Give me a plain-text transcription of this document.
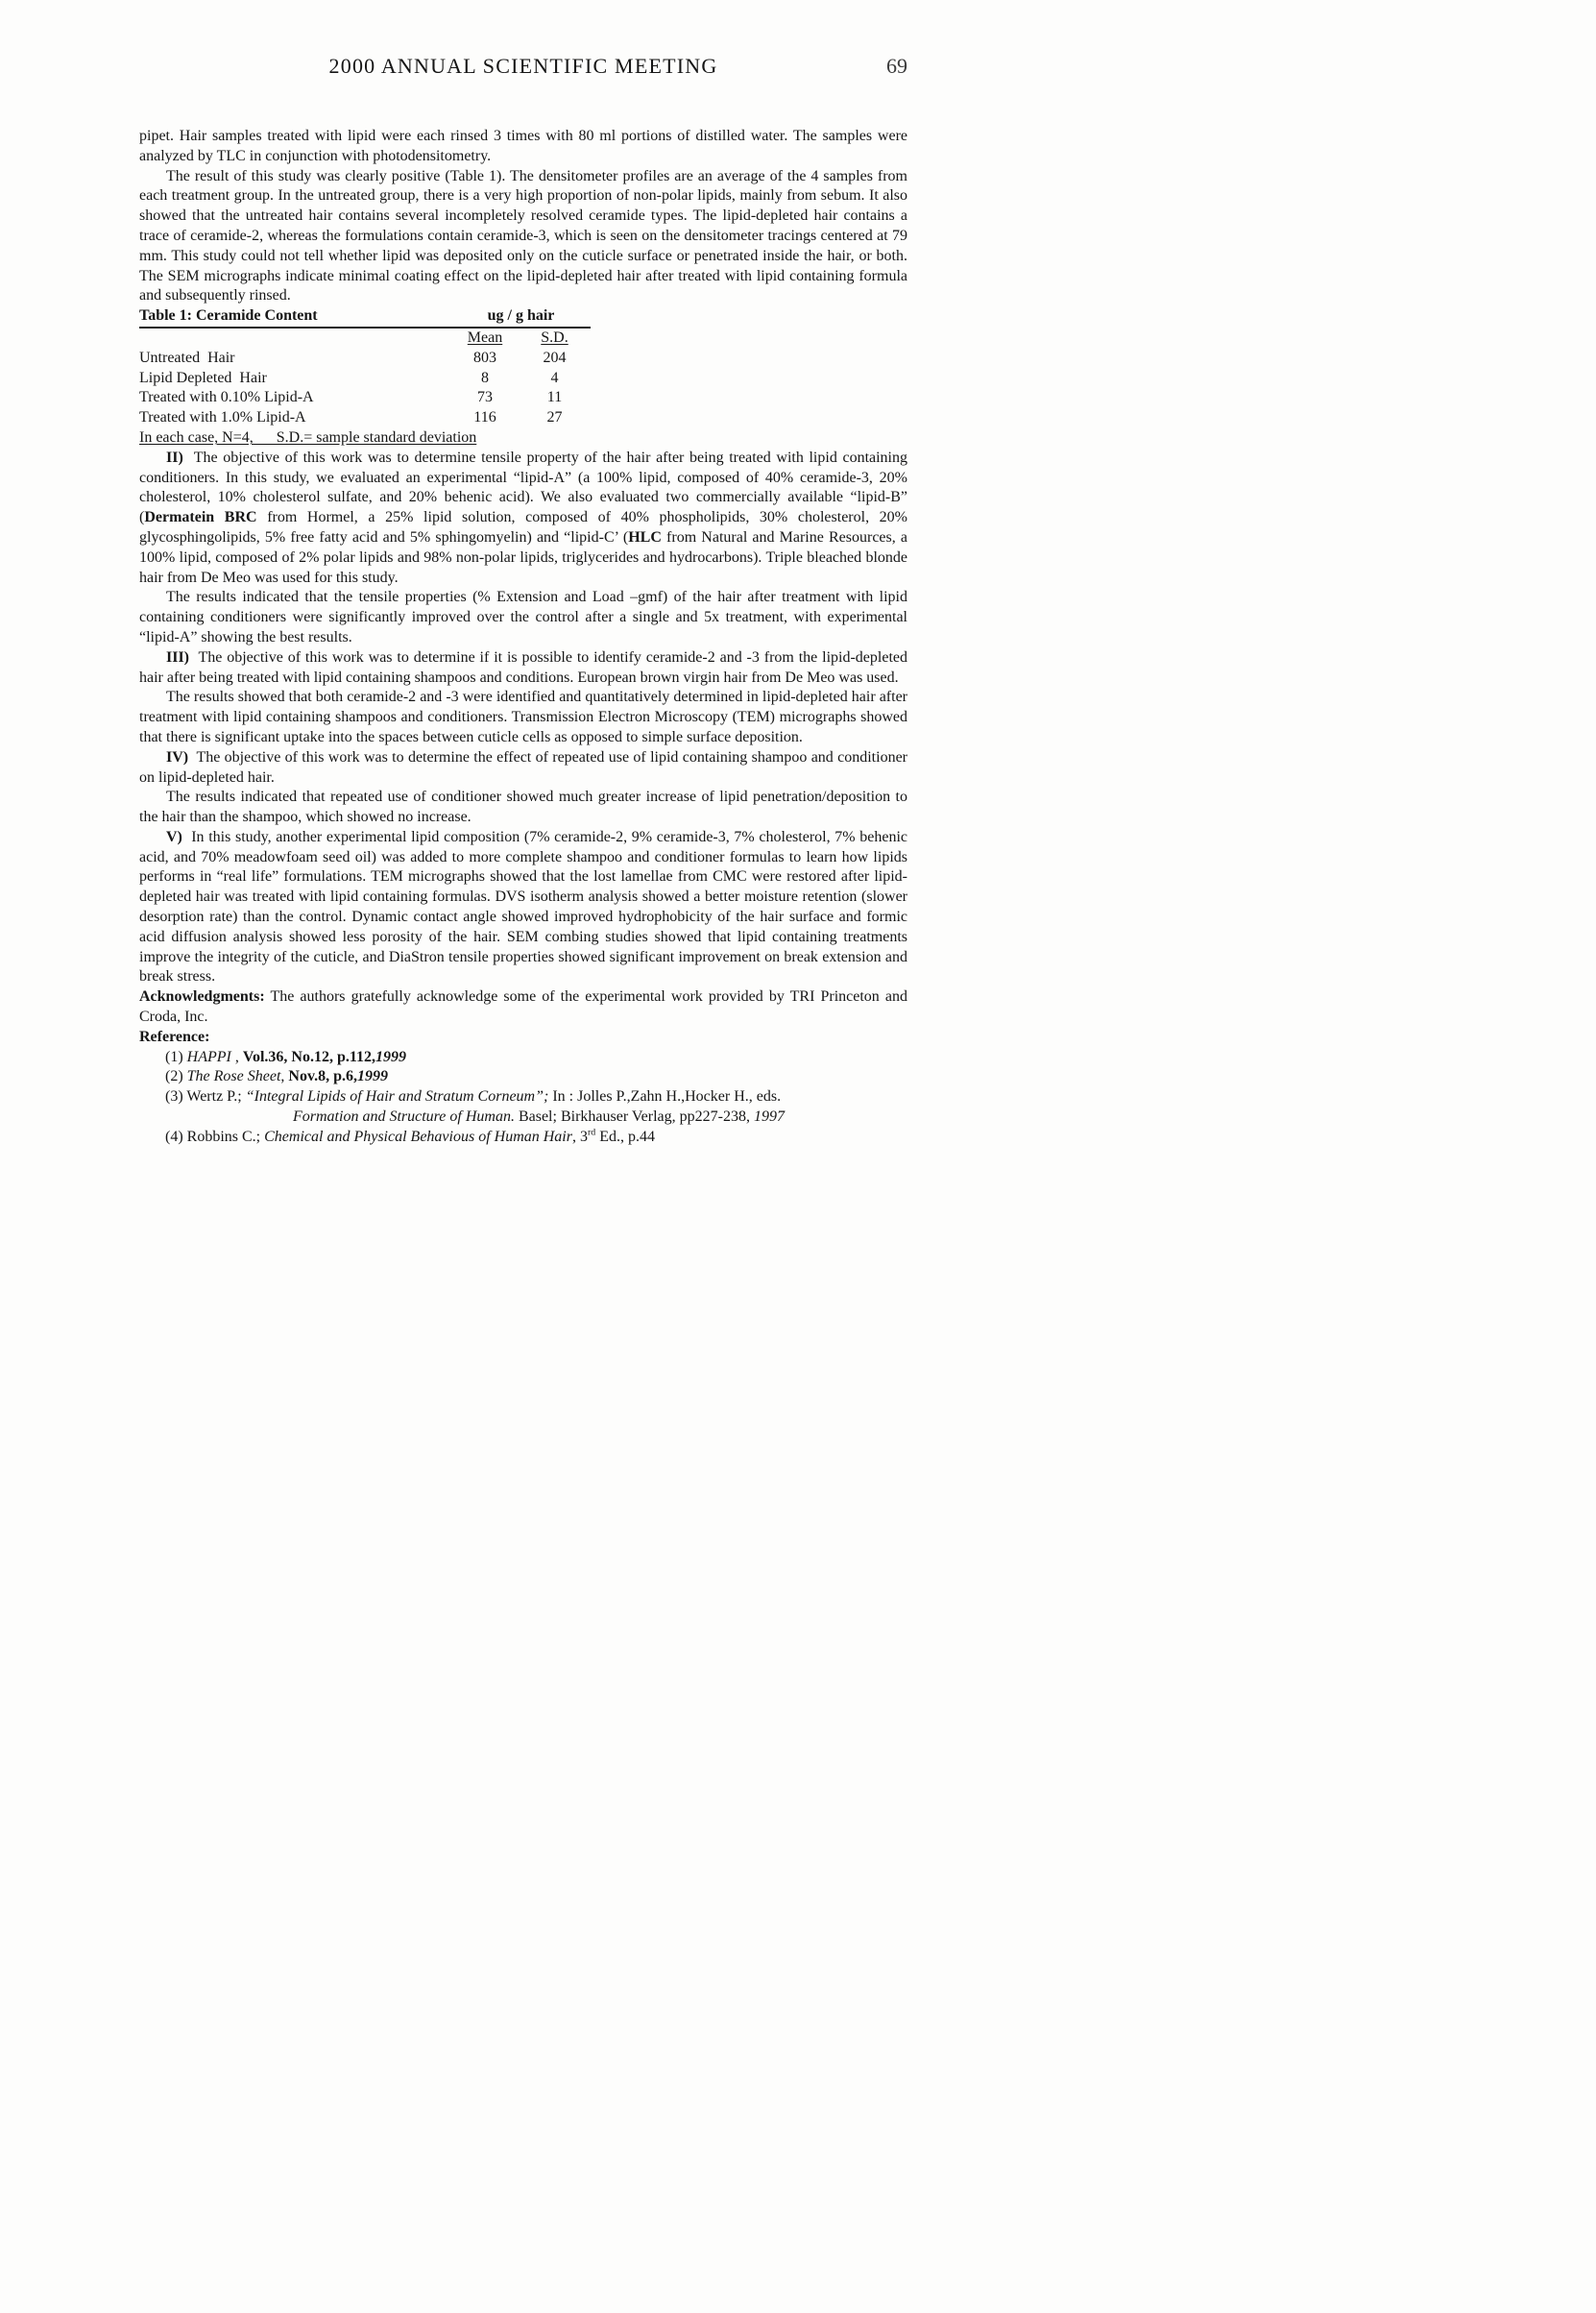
2000 ANNUAL SCIENTIFIC MEETING	69
pipet. Hair samples treated with lipid were each rinsed 3 times with 80 ml portions of distilled water. The samples were analyzed by TLC in conjunction with photodensitometry.
The result of this study was clearly positive (Table 1). The densitometer profiles are an average of the 4 samples from each treatment group. In the untreated group, there is a very high proportion of non-polar lipids, mainly from sebum. It also showed that the untreated hair contains several incompletely resolved ceramide types. The lipid-depleted hair contains a trace of ceramide-2, whereas the formulations contain ceramide-3, which is seen on the densitometer tracings centered at 79 mm. This study could not tell whether lipid was deposited only on the cuticle surface or penetrated inside the hair, or both. The SEM micrographs indicate minimal coating effect on the lipid-depleted hair after treated with lipid containing formula and subsequently rinsed.
Table 1: Ceramide Content	ug / g hair
Mean	S.D.
Untreated  Hair	803	204
Lipid Depleted  Hair	8	4
Treated with 0.10% Lipid-A	73	11
Treated with 1.0% Lipid-A	116	27
In each case, N=4,      S.D.= sample standard deviation
II)  The objective of this work was to determine tensile property of the hair after being treated with lipid containing conditioners. In this study, we evaluated an experimental “lipid-A” (a 100% lipid, composed of 40% ceramide-3, 20% cholesterol, 10% cholesterol sulfate, and 20% behenic acid). We also evaluated two commercially available “lipid-B” (Dermatein BRC from Hormel, a 25% lipid solution, composed of 40% phospholipids, 30% cholesterol, 20% glycosphingolipids, 5% free fatty acid and 5% sphingomyelin) and “lipid-C’ (HLC from Natural and Marine Resources, a 100% lipid, composed of 2% polar lipids and 98% non-polar lipids, triglycerides and hydrocarbons). Triple bleached blonde hair from De Meo was used for this study.
The results indicated that the tensile properties (% Extension and Load –gmf) of the hair after treatment with lipid containing conditioners were significantly improved over the control after a single and 5x treatment, with experimental “lipid-A” showing the best results.
III)  The objective of this work was to determine if it is possible to identify ceramide-2 and -3 from the lipid-depleted hair after being treated with lipid containing shampoos and conditions. European brown virgin hair from De Meo was used.
The results showed that both ceramide-2 and -3 were identified and quantitatively determined in lipid-depleted hair after treatment with lipid containing shampoos and conditioners. Transmission Electron Microscopy (TEM) micrographs showed that there is significant uptake into the spaces between cuticle cells as opposed to simple surface deposition.
IV)  The objective of this work was to determine the effect of repeated use of lipid containing shampoo and conditioner on lipid-depleted hair.
The results indicated that repeated use of conditioner showed much greater increase of lipid penetration/deposition to the hair than the shampoo, which showed no increase.
V)  In this study, another experimental lipid composition (7% ceramide-2, 9% ceramide-3, 7% cholesterol, 7% behenic acid, and 70% meadowfoam seed oil) was added to more complete shampoo and conditioner formulas to learn how lipids performs in “real life” formulations. TEM micrographs showed that the lost lamellae from CMC were restored after lipid-depleted hair was treated with lipid containing formulas. DVS isotherm analysis showed a better moisture retention (slower desorption rate) than the control. Dynamic contact angle showed improved hydrophobicity of the hair surface and formic acid diffusion analysis showed less porosity of the hair. SEM combing studies showed that lipid containing treatments improve the integrity of the cuticle, and DiaStron tensile properties showed significant improvement on break extension and break stress.
Acknowledgments: The authors gratefully acknowledge some of the experimental work provided by TRI Princeton and Croda, Inc.
Reference:
(1) HAPPI , Vol.36, No.12, p.112,1999
(2) The Rose Sheet, Nov.8, p.6,1999
(3) Wertz P.; “Integral Lipids of Hair and Stratum Corneum”; In : Jolles P.,Zahn H.,Hocker H., eds.
Formation and Structure of Human. Basel; Birkhauser Verlag, pp227-238, 1997
(4) Robbins C.; Chemical and Physical Behavious of Human Hair, 3rd Ed., p.44
